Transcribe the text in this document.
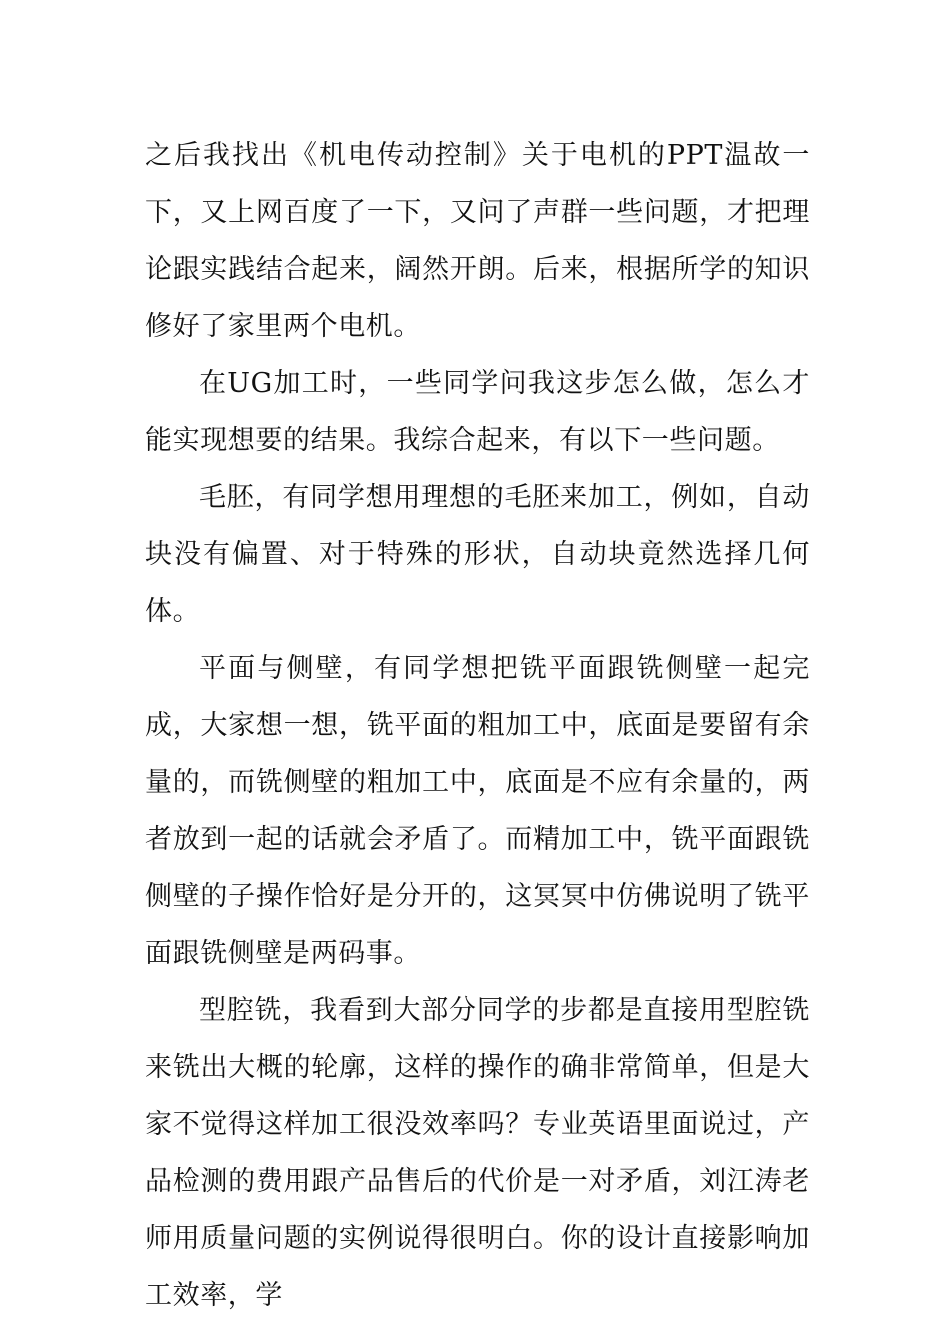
之后我找出《机电传动控制》关于电机的PPT温故一下，又上网百度了一下，又问了声群一些问题，才把理论跟实践结合起来，阔然开朗。后来，根据所学的知识修好了家里两个电机。

在UG加工时，一些同学问我这步怎么做，怎么才能实现想要的结果。我综合起来，有以下一些问题。

毛胚，有同学想用理想的毛胚来加工，例如，自动块没有偏置、对于特殊的形状，自动块竟然选择几何体。

平面与侧壁，有同学想把铣平面跟铣侧壁一起完成，大家想一想，铣平面的粗加工中，底面是要留有余量的，而铣侧壁的粗加工中，底面是不应有余量的，两者放到一起的话就会矛盾了。而精加工中，铣平面跟铣侧壁的子操作恰好是分开的，这冥冥中仿佛说明了铣平面跟铣侧壁是两码事。

型腔铣，我看到大部分同学的步都是直接用型腔铣来铣出大概的轮廓，这样的操作的确非常简单，但是大家不觉得这样加工很没效率吗？专业英语里面说过，产品检测的费用跟产品售后的代价是一对矛盾，刘江涛老师用质量问题的实例说得很明白。你的设计直接影响加工效率，学
